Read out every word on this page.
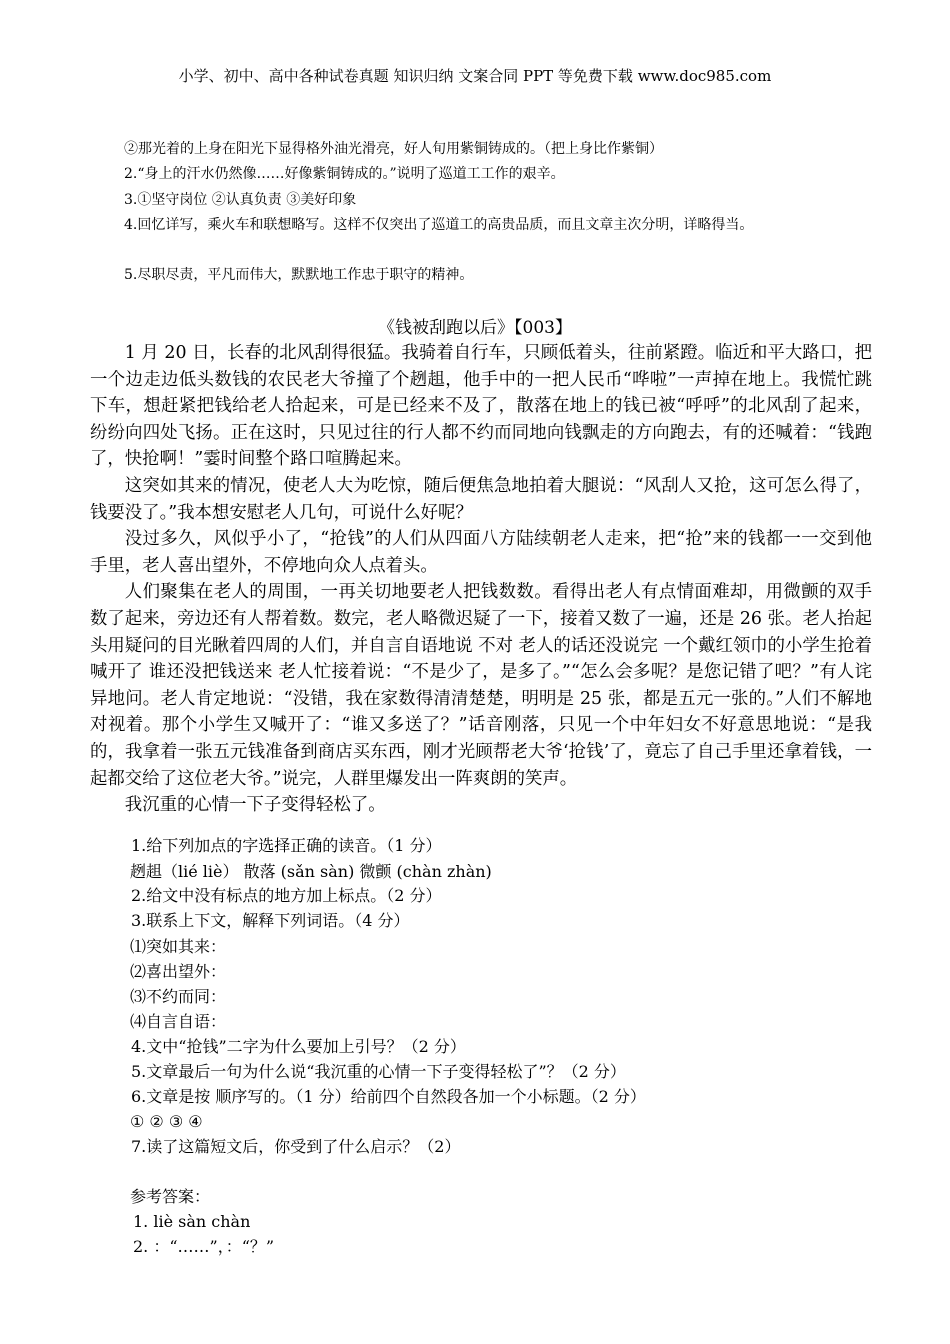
小学、初中、高中各种试卷真题 知识归纳 文案合同 PPT 等免费下载 www.doc985.com
②那光着的上身在阳光下显得格外油光滑亮，好人旬用紫铜铸成的。（把上身比作紫铜）
2.“身上的汗水仍然像……好像紫铜铸成的。”说明了巡道工工作的艰辛。
3.①坚守岗位 ②认真负责 ③美好印象
4.回忆详写，乘火车和联想略写。这样不仅突出了巡道工的高贵品质，而且文章主次分明，详略得当。
5.尽职尽责，平凡而伟大，默默地工作忠于职守的精神。
《钱被刮跑以后》【003】

1 月 20 日，长春的北风刮得很猛。我骑着自行车，只顾低着头，往前紧蹬。临近和平大路口，把一个边走边低头数钱的农民老大爷撞了个趔趄，他手中的一把人民币“哗啦”一声掉在地上。我慌忙跳下车，想赶紧把钱给老人拾起来，可是已经来不及了，散落在地上的钱已被“呼呼”的北风刮了起来，纷纷向四处飞扬。正在这时，只见过往的行人都不约而同地向钱飘走的方向跑去，有的还喊着：“钱跑了，快抢啊！”霎时间整个路口喧腾起来。

这突如其来的情况，使老人大为吃惊，随后便焦急地拍着大腿说：“风刮人又抢，这可怎么得了，钱要没了。”我本想安慰老人几句，可说什么好呢？

没过多久，风似乎小了，“抢钱”的人们从四面八方陆续朝老人走来，把“抢”来的钱都一一交到他手里，老人喜出望外，不停地向众人点着头。

人们聚集在老人的周围，一再关切地要老人把钱数数。看得出老人有点情面难却，用微颤的双手数了起来，旁边还有人帮着数。数完，老人略微迟疑了一下，接着又数了一遍，还是 26 张。老人抬起头用疑问的目光瞅着四周的人们，并自言自语地说 不对 老人的话还没说完 一个戴红领巾的小学生抢着喊开了 谁还没把钱送来 老人忙接着说：“不是少了，是多了。”“怎么会多呢？是您记错了吧？”有人诧异地问。老人肯定地说：“没错，我在家数得清清楚楚，明明是 25 张，都是五元一张的。”人们不解地对视着。那个小学生又喊开了：“谁又多送了？”话音刚落，只见一个中年妇女不好意思地说：“是我的，我拿着一张五元钱准备到商店买东西，刚才光顾帮老大爷‘抢钱’了，竟忘了自己手里还拿着钱，一起都交给了这位老大爷。”说完，人群里爆发出一阵爽朗的笑声。

我沉重的心情一下子变得轻松了。

1.给下列加点的字选择正确的读音。（1 分）
趔趄（lié liè） 散落 (sǎn sàn) 微颤 (chàn zhàn)
2.给文中没有标点的地方加上标点。（2 分）
3.联系上下文，解释下列词语。（4 分）
⑴突如其来：
⑵喜出望外：
⑶不约而同：
⑷自言自语：
4.文中“抢钱”二字为什么要加上引号？（2 分）
5.文章最后一句为什么说“我沉重的心情一下子变得轻松了”？（2 分）
6.文章是按 顺序写的。（1 分）给前四个自然段各加一个小标题。（2 分）
① ② ③ ④
7.读了这篇短文后，你受到了什么启示？（2）
参考答案：
1. liè sàn chàn
2. ：“……”，：“？”
